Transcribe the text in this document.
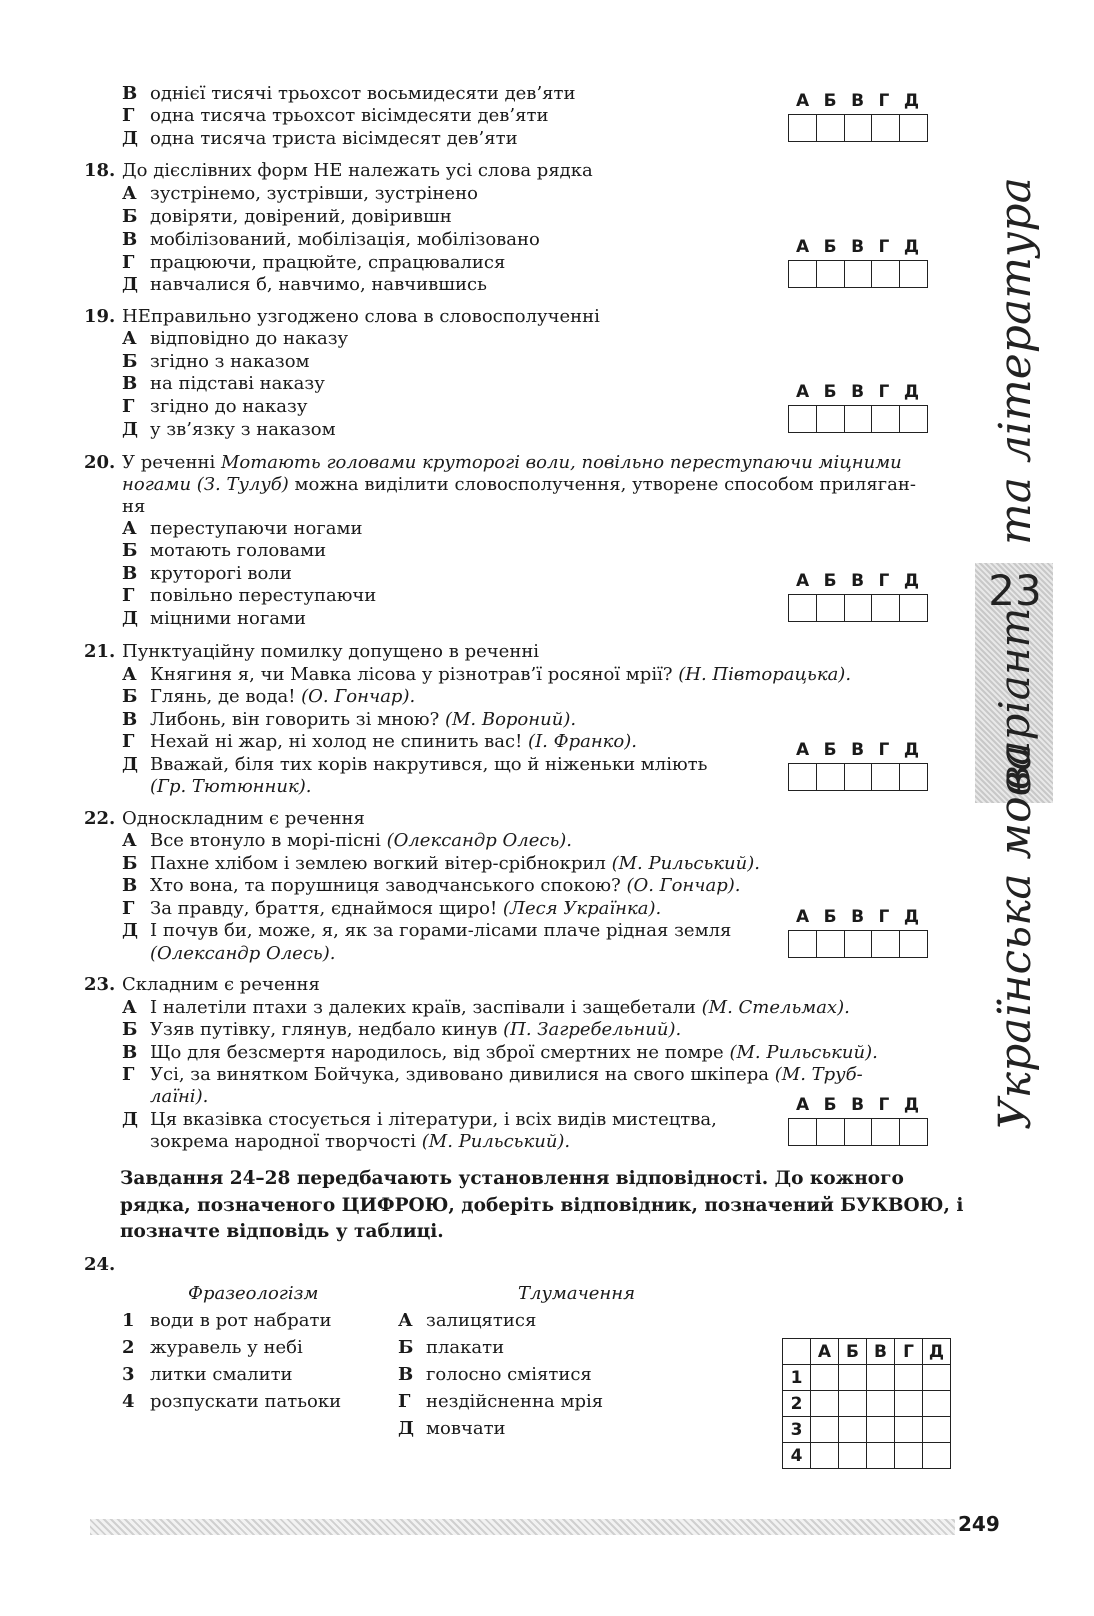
В однієї тисячі трьохсот восьмидесяти дев’яти
Г одна тисяча трьохсот вісімдесяти дев’яти
Д одна тисяча триста вісімдесят дев’яти
А Б В Г Д
18. До дієслівних форм НЕ належать усі слова рядка
А зустрінемо, зустрівши, зустрінено
Б довіряти, довірений, довірившн
В мобілізований, мобілізація, мобілізовано
Г працюючи, працюйте, спрацювалися
Д навчалися б, навчимо, навчившись
А Б В Г Д
19. НЕправильно узгоджено слова в словосполученні
А відповідно до наказу
Б згідно з наказом
В на підставі наказу
Г згідно до наказу
Д у зв’язку з наказом
А Б В Г Д
20. У реченні Мотають головами круторогі воли, повільно переступаючи міцними
ногами (З. Тулуб) можна виділити словосполучення, утворене способом приляган-
ня
А переступаючи ногами
Б мотають головами
В круторогі воли
Г повільно переступаючи
Д міцними ногами
А Б В Г Д
21. Пунктуаційну помилку допущено в реченні
А Княгиня я, чи Мавка лісова у різнотрав’ї росяної мрії? (Н. Півторацька).
Б Глянь, де вода! (О. Гончар).
В Либонь, він говорить зі мною? (М. Вороний).
Г Нехай ні жар, ні холод не спинить вас! (І. Франко).
Д Вважай, біля тих корів накрутився, що й ніженьки мліють
(Гр. Тютюнник).
А Б В Г Д
22. Односкладним є речення
А Все втонуло в морі-пісні (Олександр Олесь).
Б Пахне хлібом і землею вогкий вітер-срібнокрил (М. Рильський).
В Хто вона, та порушниця заводчанського спокою? (О. Гончар).
Г За правду, браття, єднаймося щиро! (Леся Українка).
Д І почув би, може, я, як за горами-лісами плаче рідная земля
(Олександр Олесь).
А Б В Г Д
23. Складним є речення
А І налетіли птахи з далеких країв, заспівали і защебетали (М. Стельмах).
Б Узяв путівку, глянув, недбало кинув (П. Загребельний).
В Що для безсмертя народилось, від зброї смертних не помре (М. Рильський).
Г Усі, за винятком Бойчука, здивовано дивилися на свого шкіпера (М. Труб-
лаїні).
Д Ця вказівка стосується і літератури, і всіх видів мистецтва,
зокрема народної творчості (М. Рильський).
А Б В Г Д
Завдання 24–28 передбачають установлення відповідності. До кожного
рядка, позначеного ЦИФРОЮ, доберіть відповідник, позначений БУКВОЮ, і
позначте відповідь у таблиці.
24.
Фразеологізм	Тлумачення
1 води в рот набрати
2 журавель у небі
3 литки смалити
4 розпускати патьоки
А залицятися
Б плакати
В голосно сміятися
Г нездійсненна мрія
Д мовчати
	А	Б	В	Г	Д
1					
2					
3					
4					
та література
23
варіант
Українська мова
249
